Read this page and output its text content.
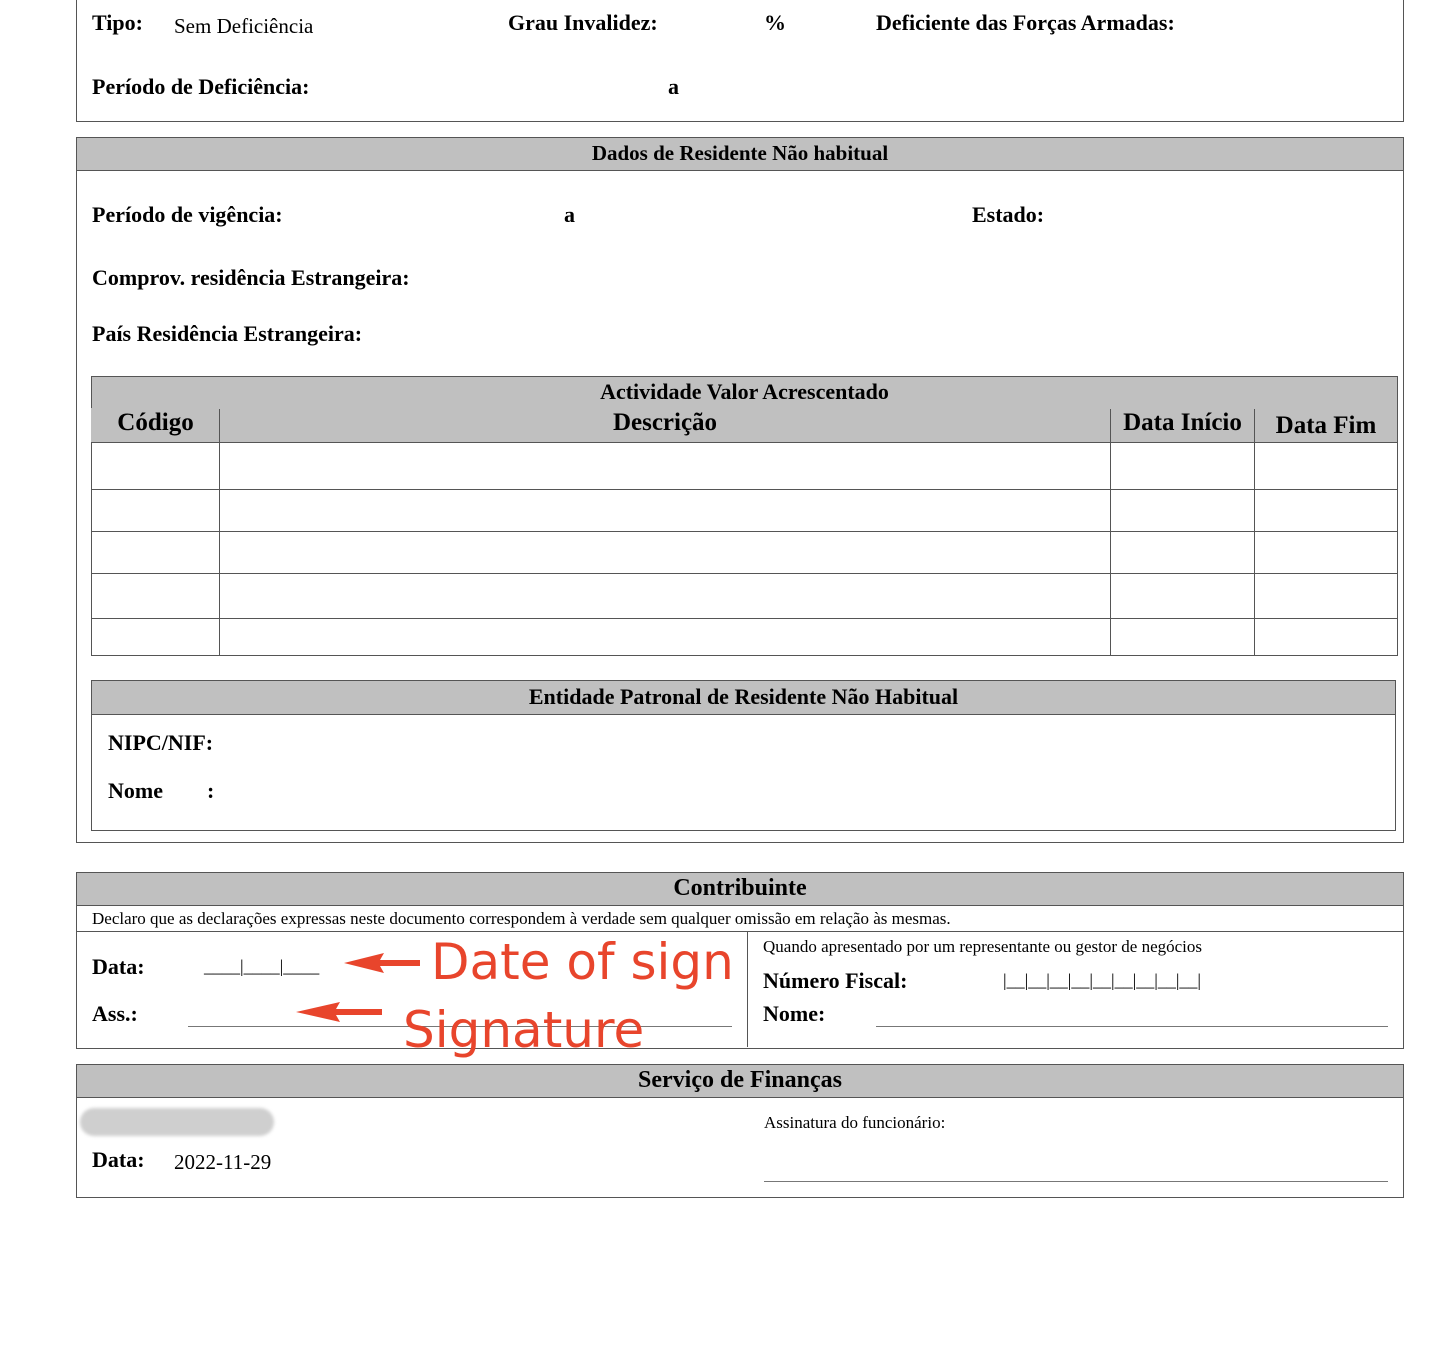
Tipo: Sem Deficiência	Grau Invalidez:	%	Deficiente das Forças Armadas:
Período de Deficiência:	a
Dados de Residente Não habitual
Período de vigência:	a	Estado:
Comprov. residência Estrangeira:
País Residência Estrangeira:
Actividade Valor Acrescentado
Código	Descrição	Data Início	Data Fim
Entidade Patronal de Residente Não Habitual
NIPC/NIF:
Nome :
Contribuinte
Declaro que as declarações expressas neste documento correspondem à verdade sem qualquer omissão em relação às mesmas.
Data:	____|____|____
Ass.:
Quando apresentado por um representante ou gestor de negócios
Número Fiscal:	|__|__|__|__|__|__|__|__|__|
Nome:
Date of sign
Signature
Serviço de Finanças
Data: 2022-11-29
Assinatura do funcionário:
